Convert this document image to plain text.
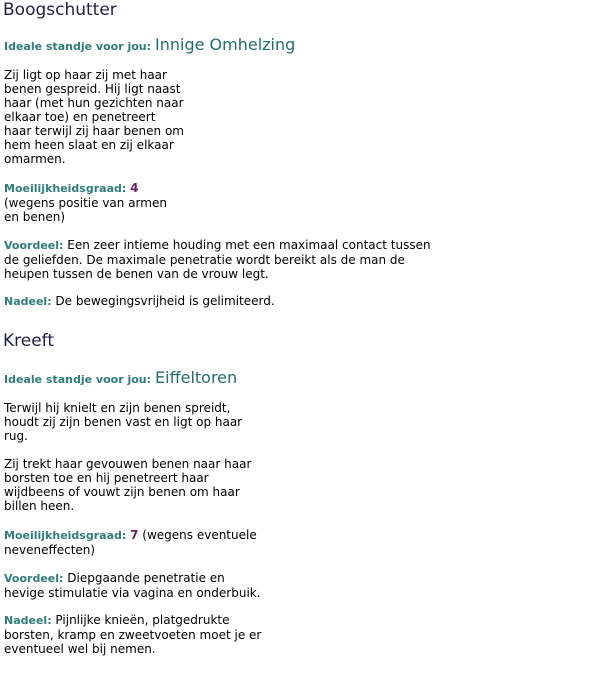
Boogschutter
Ideale standje voor jou: Innige Omhelzing

Zij ligt op haar zij met haar
benen gespreid. Hij ligt naast
haar (met hun gezichten naar
elkaar toe) en penetreert
haar terwijl zij haar benen om
hem heen slaat en zij elkaar
omarmen.

Moeilijkheidsgraad: 4
(wegens positie van armen
en benen)
Voordeel: Een zeer intieme houding met een maximaal contact tussen
de geliefden. De maximale penetratie wordt bereikt als de man de
heupen tussen de benen van de vrouw legt.
Nadeel: De bewegingsvrijheid is gelimiteerd.
Kreeft
Ideale standje voor jou: Eiffeltoren

Terwijl hij knielt en zijn benen spreidt,
houdt zij zijn benen vast en ligt op haar
rug.

Zij trekt haar gevouwen benen naar haar
borsten toe en hij penetreert haar
wijdbeens of vouwt zijn benen om haar
billen heen.

Moeilijkheidsgraad: 7 (wegens eventuele
neveneffecten)
Voordeel: Diepgaande penetratie en
hevige stimulatie via vagina en onderbuik.
Nadeel: Pijnlijke knieën, platgedrukte
borsten, kramp en zweetvoeten moet je er
eventueel wel bij nemen.
